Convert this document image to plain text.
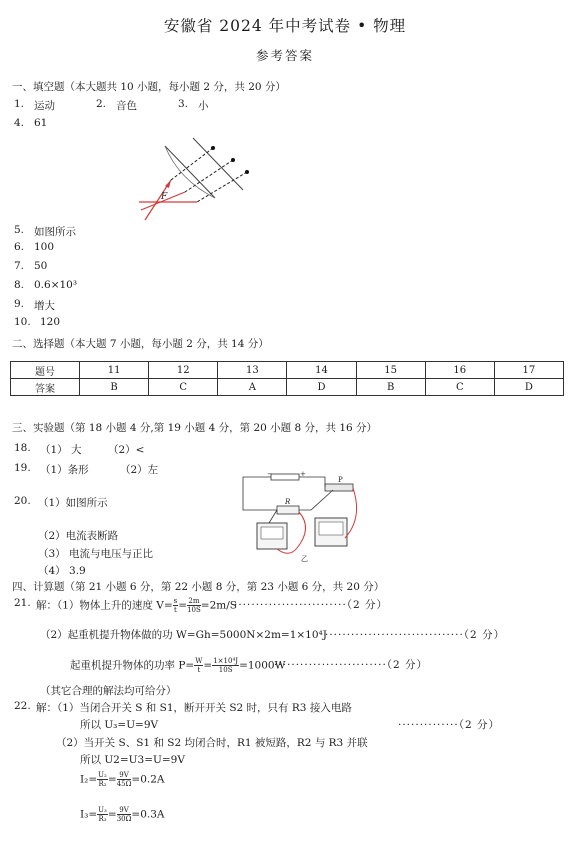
安徽省 2024 年中考试卷 • 物理
参考答案
一、填空题（本大题共 10 小题，每小题 2 分，共 20 分）
1. 运动	2. 音色	3. 小
4. 61
F
5. 如图所示
6. 100
7. 50
8. 0.6×10³
9. 增大
10. 120
二、选择题（本大题 7 小题，每小题 2 分，共 14 分）
题号	11	12	13	14	15	16	17
答案	B	C	A	D	B	C	D
三、实验题（第 18 小题 4 分,第 19 小题 4 分，第 20 小题 8 分，共 16 分）
18. （1） 大	（2）<
19. （1）条形	（2）左
20. （1）如图所示
（2）电流表断路
（3） 电流与电压与正比
（4） 3.9
−	+
P
R
乙
四、计算题（第 21 小题 6 分，第 22 小题 8 分，第 23 小题 6 分，共 20 分）
21. 解：（1）物体上升的速度 $V= \frac{s}{t} = \frac{2m}{10S} =2m/S$
··························（2 分）
（2）起重机提升物体做的功 W=Gh=5000N×2m=1×10⁴J
································（2 分）
起重机提升物体的功率 $P= \frac{W}{t} = \frac{\text{1×10⁴J}}{10S} =1000W$
··························（2 分）
（其它合理的解法均可给分）
22. 解：（1）当闭合开关 S 和 S1，断开开关 S2 时，只有 R3 接入电路
所以 U₃=U=9V	··············（2 分）
（2）当开关 S、S1 和 S2 均闭合时，R1 被短路，R2 与 R3 并联
所以 U2=U3=U=9V
$I_2= \frac{\text{U₂}}{\text{R₂}} = \frac{9V}{45\Omega} =0.2A$
$I_3= \frac{\text{U₃}}{\text{R₃}} = \frac{9V}{30\Omega} =0.3A$
